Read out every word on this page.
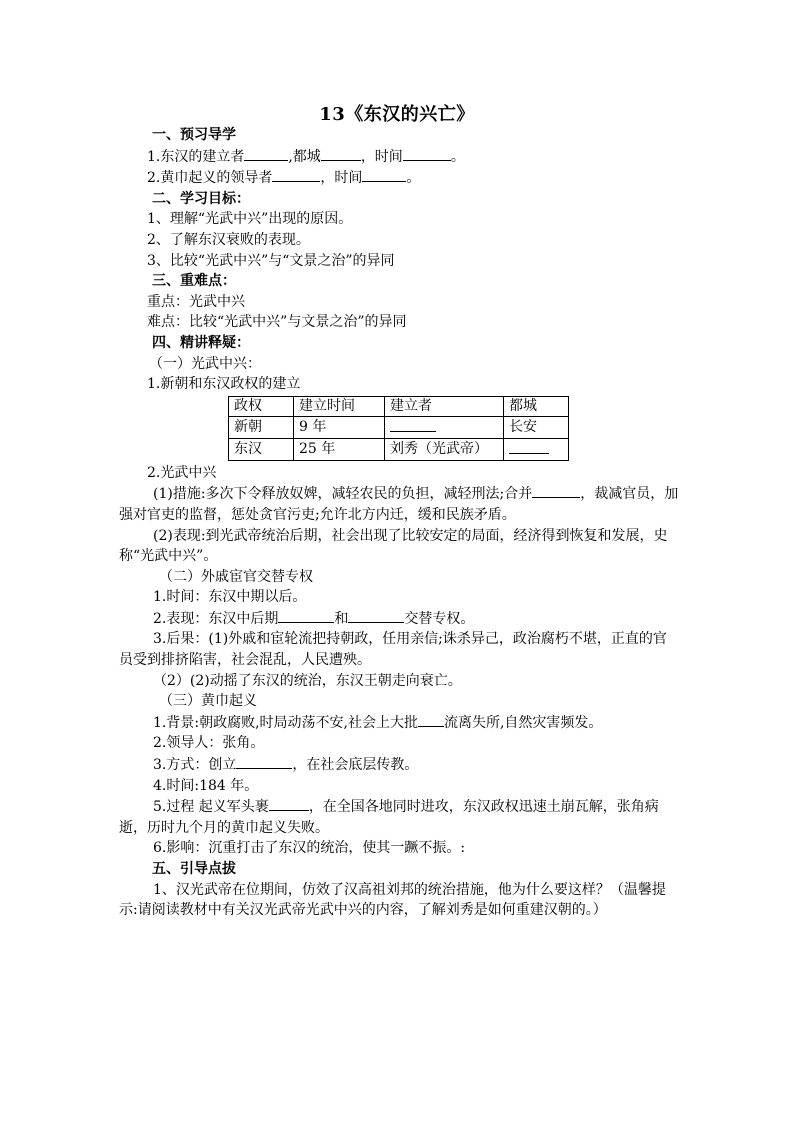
13《东汉的兴亡》
一、预习导学
1.东汉的建立者	,都城	，时间	。
2.黄巾起义的领导者	，时间	。
二、学习目标：
1、理解“光武中兴”出现的原因。
2、了解东汉衰败的表现。
3、比较“光武中兴”与“文景之治”的异同
三、重难点：
重点：光武中兴
难点：比较“光武中兴”与文景之治”的异同
四、精讲释疑：
（一）光武中兴：
1.新朝和东汉政权的建立
政权	建立时间	建立者	都城
新朝	9 年		长安
东汉	25 年	刘秀（光武帝）	
2.光武中兴
(1)措施:多次下令释放奴婢，减轻农民的负担，减轻刑法;合并	，裁减官员，加强对官吏的监督，惩处贪官污吏;允许北方内迁，缓和民族矛盾。
(2)表现:到光武帝统治后期，社会出现了比较安定的局面，经济得到恢复和发展，史称“光武中兴”。
（二）外戚宦官交替专权
1.时间：东汉中期以后。
2.表现：东汉中后期	和	交替专权。
3.后果：(1)外戚和宦轮流把持朝政，任用亲信;诛杀异己，政治腐朽不堪，正直的官员受到排挤陷害，社会混乱，人民遭殃。
（2）(2)动摇了东汉的统治，东汉王朝走向衰亡。
（三）黄巾起义
1.背景:朝政腐败,时局动荡不安,社会上大批 流离失所,自然灾害频发。
2.领导人：张角。
3.方式：创立	，在社会底层传教。
4.时间:184 年。
5.过程 起义军头裹	，在全国各地同时进攻，东汉政权迅速土崩瓦解，张角病逝，历时九个月的黄巾起义失败。
6.影响：沉重打击了东汉的统治，使其一蹶不振。:
五、引导点拔
1、汉光武帝在位期间，仿效了汉高祖刘邦的统治措施，他为什么要这样？（温馨提示:请阅读教材中有关汉光武帝光武中兴的内容，了解刘秀是如何重建汉朝的。）
